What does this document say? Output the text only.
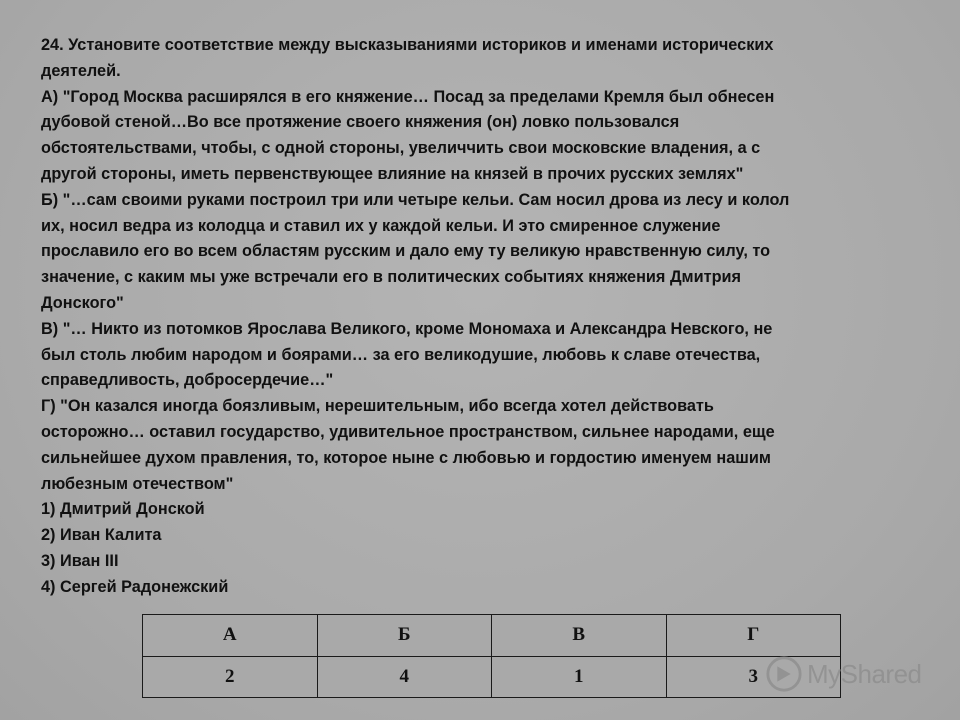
24. Установите соответствие между высказываниями историков и именами исторических

деятелей.

А) "Город Москва расширялся в его княжение… Посад за пределами Кремля был обнесен

дубовой стеной…Во все протяжение своего княжения (он) ловко пользовался

обстоятельствами, чтобы, с одной стороны, увеличчить свои московские владения, а с

другой стороны, иметь первенствующее влияние на князей в прочих русских землях"

Б) "…сам своими руками построил три или четыре кельи. Сам носил дрова из лесу и колол

их, носил ведра из колодца и ставил их у каждой кельи. И это смиренное служение

прославило его во всем областям русским и дало ему ту великую нравственную силу, то

значение, с каким мы уже встречали его в политических событиях княжения Дмитрия

Донского"

В) "… Никто из потомков Ярослава Великого, кроме Мономаха и Александра Невского, не

был столь любим народом и боярами… за его великодушие, любовь к славе отечества,

справедливость, добросердечие…"

Г) "Он казался иногда боязливым, нерешительным, ибо всегда хотел действовать

осторожно… оставил государство, удивительное пространством, сильнее народами, еще

сильнейшее духом правления, то, которое ныне с любовью и гордостию именуем нашим

любезным отечеством"

1) Дмитрий Донской

2) Иван Калита

3) Иван III

4) Сергей Радонежский

А	Б	В	Г
2	4	1	3 MyShared
